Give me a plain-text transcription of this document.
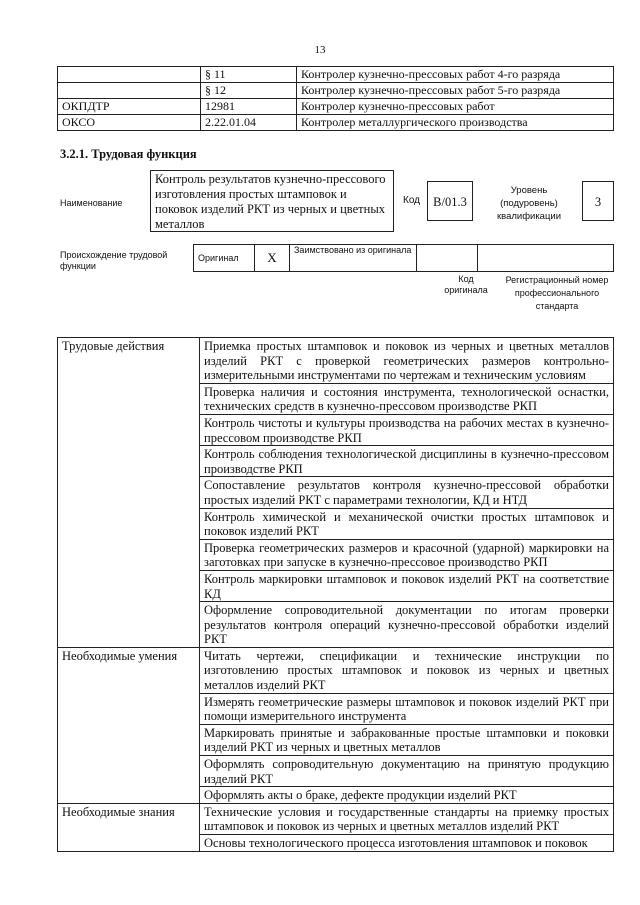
13
	§ 11	Контролер кузнечно-прессовых работ 4-го разряда
	§ 12	Контролер кузнечно-прессовых работ 5-го разряда
ОКПДТР	12981	Контролер кузнечно-прессовых работ
ОКСО	2.22.01.04	Контролер металлургического производства
3.2.1. Трудовая функция
Наименование
Контроль результатов кузнечно-прессового изготовления простых штамповок и поковок изделий РКТ из черных и цветных металлов
Код	B/01.3
Уровень (подуровень) квалификации
3
Происхождение трудовой функции
Оригинал	X	Заимствовано из оригинала		
Код оригинала
Регистрационный номер профессионального стандарта
Трудовые действия	Приемка простых штамповок и поковок из черных и цветных металлов изделий РКТ с проверкой геометрических размеров контрольно-измерительными инструментами по чертежам и техническим условиям
	Проверка наличия и состояния инструмента, технологической оснастки, технических средств в кузнечно-прессовом производстве РКП
	Контроль чистоты и культуры производства на рабочих местах в кузнечно-прессовом производстве РКП
	Контроль соблюдения технологической дисциплины в кузнечно-прессовом производстве РКП
	Сопоставление результатов контроля кузнечно-прессовой обработки простых изделий РКТ с параметрами технологии, КД и НТД
	Контроль химической и механической очистки простых штамповок и поковок изделий РКТ
	Проверка геометрических размеров и красочной (ударной) маркировки на заготовках при запуске в кузнечно-прессовое производство РКП
	Контроль маркировки штамповок и поковок изделий РКТ на соответствие КД
	Оформление сопроводительной документации по итогам проверки результатов контроля операций кузнечно-прессовой обработки изделий РКТ
Необходимые умения	Читать чертежи, спецификации и технические инструкции по изготовлению простых штамповок и поковок из черных и цветных металлов изделий РКТ
	Измерять геометрические размеры штамповок и поковок изделий РКТ при помощи измерительного инструмента
	Маркировать принятые и забракованные простые штамповки и поковки изделий РКТ из черных и цветных металлов
	Оформлять сопроводительную документацию на принятую продукцию изделий РКТ
	Оформлять акты о браке, дефекте продукции изделий РКТ
Необходимые знания	Технические условия и государственные стандарты на приемку простых штамповок и поковок из черных и цветных металлов изделий РКТ
	Основы технологического процесса изготовления штамповок и поковок
